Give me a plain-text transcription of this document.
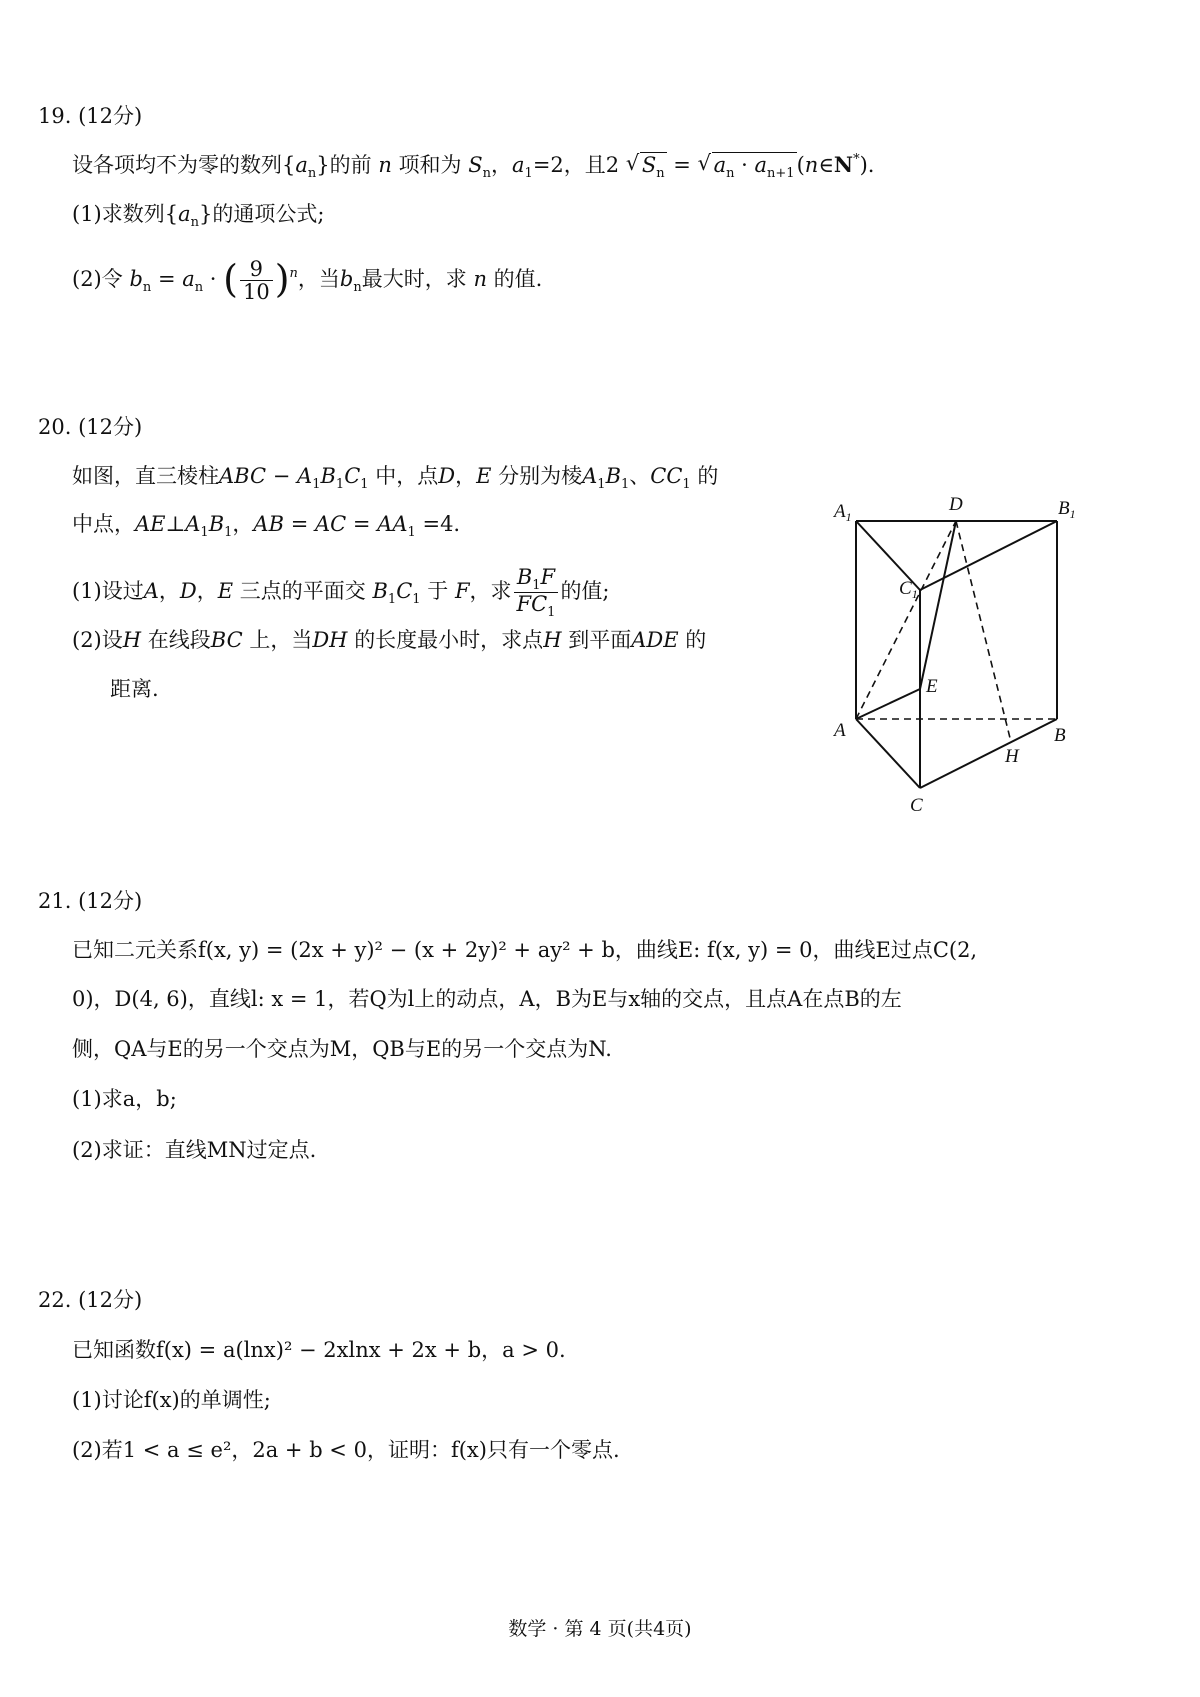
19. (12分)
设各项均不为零的数列$\{a_n\}$的前 n 项和为 $S_n$，$a_1=2$，且2 √ $S_n$ = √ $a_n$ · $a_{n+1}(n\in N^*)$.
(1)求数列$\{a_n\}$的通项公式;
(2)令 $b_n = a_n$ · ( $\frac{9}{10} )^n$，当$b_n$最大时，求 n 的值.
20. (12分)
如图，直三棱柱ABC − $A_1B_1C_1$ 中，点D，E 分别为棱$A_1B_1$、$CC_1$ 的
中点，$AE\perp A_1B_1$，AB = AC = $AA_1 =4$.
(1)设过A，D，E 三点的平面交 $B_1C_1$ 于 F，求 $\frac{B_1F}{FC_1}$ 的值;
(2)设H 在线段BC 上，当DH 的长度最小时，求点H 到平面ADE 的
距离.
$A_1$
D	$B_1$
$C_1$
E
A	B
H
C
21. (12分)
已知二元关系f(x, y) = (2x + y)² − (x + 2y)² + ay² + b，曲线E: f(x, y) = 0，曲线E过点C(2,
0)，D(4, 6)，直线l: x = 1，若Q为l上的动点，A，B为E与x轴的交点，且点A在点B的左
侧，QA与E的另一个交点为M，QB与E的另一个交点为N.
(1)求a，b;
(2)求证：直线MN过定点.
22. (12分)
已知函数f(x) = a(lnx)² − 2xlnx + 2x + b，a > 0.
(1)讨论f(x)的单调性;
(2)若1 < a ≤ e²，2a + b < 0，证明：f(x)只有一个零点.
数学 · 第 4 页(共4页)
